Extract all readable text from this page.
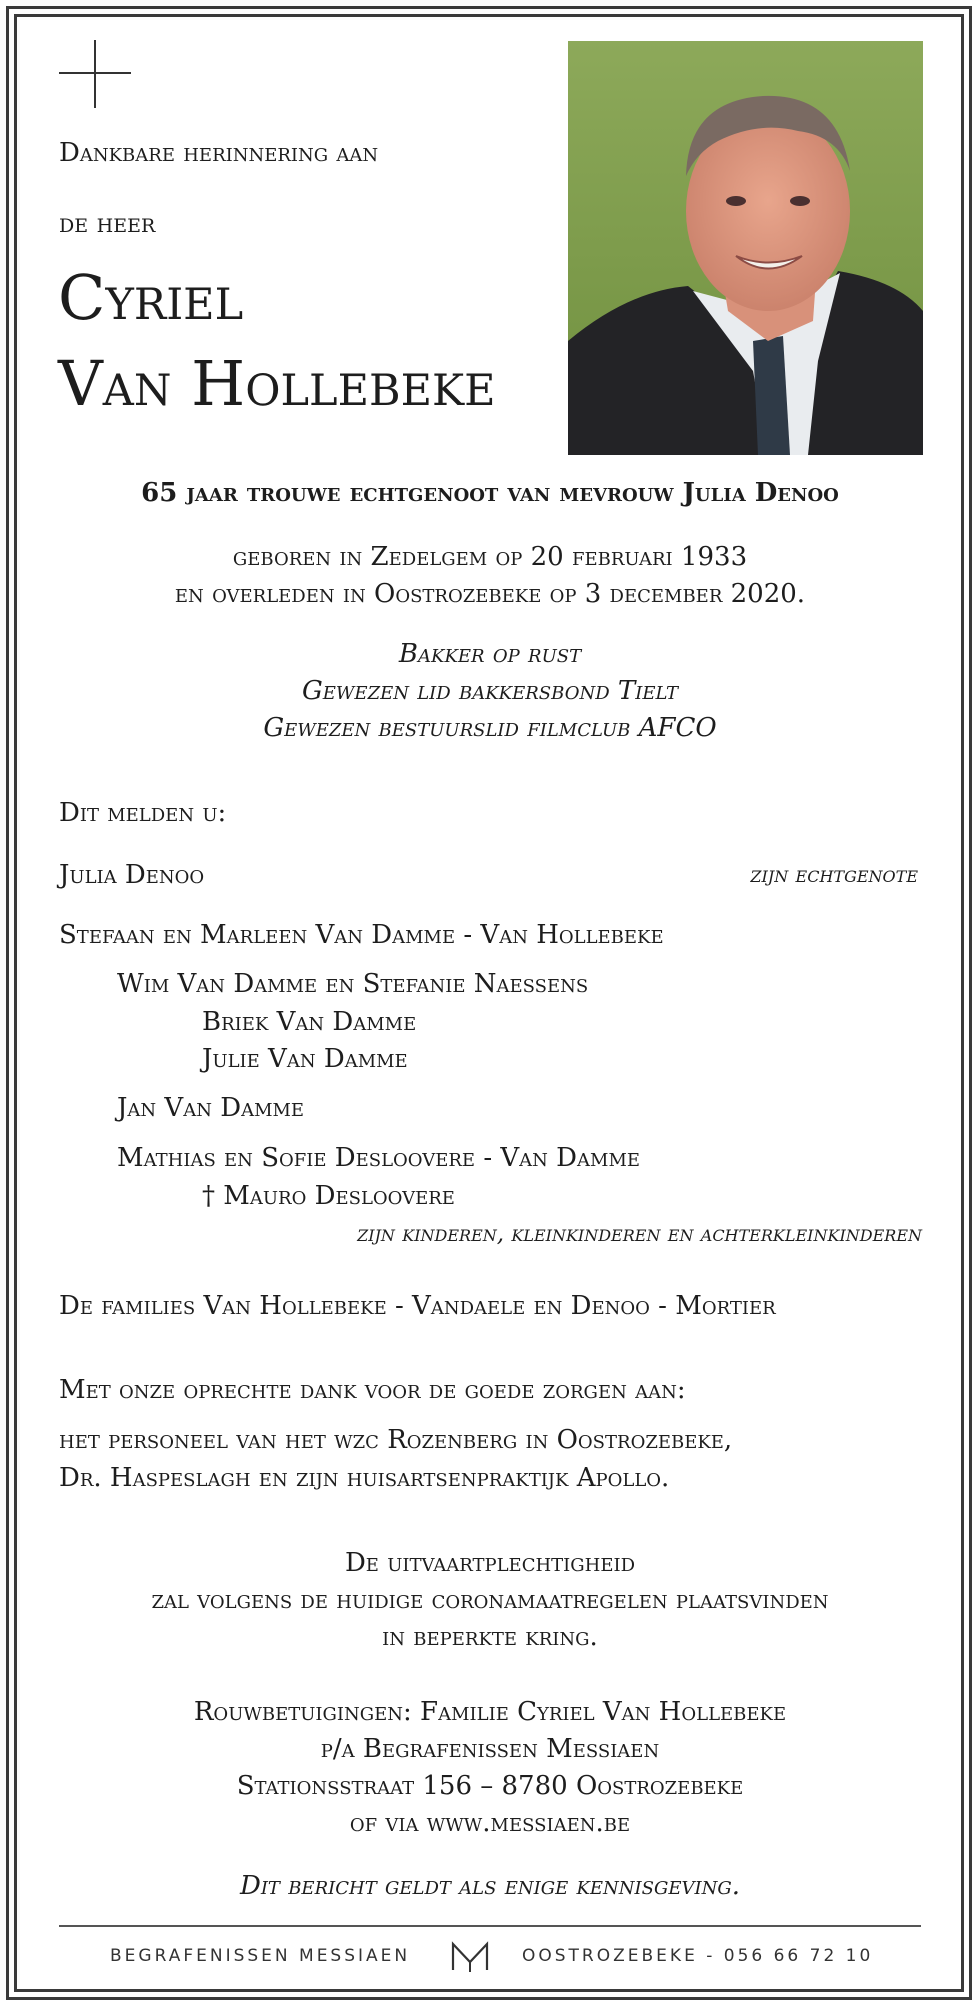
Dankbare herinnering aan
de heer
Cyriel
Van Hollebeke
65 jaar trouwe echtgenoot van mevrouw Julia Denoo
geboren in Zedelgem op 20 februari 1933
en overleden in Oostrozebeke op 3 december 2020.
Bakker op rust
Gewezen lid bakkersbond Tielt
Gewezen bestuurslid filmclub AFCO
Dit melden u:
Julia Denoo	zijn echtgenote
Stefaan en Marleen Van Damme - Van Hollebeke
Wim Van Damme en Stefanie Naessens
Briek Van Damme
Julie Van Damme
Jan Van Damme
Mathias en Sofie Desloovere - Van Damme
† Mauro Desloovere
zijn kinderen, kleinkinderen en achterkleinkinderen
De families Van Hollebeke - Vandaele en Denoo - Mortier
Met onze oprechte dank voor de goede zorgen aan:
het personeel van het wzc Rozenberg in Oostrozebeke,
Dr. Haspeslagh en zijn huisartsenpraktijk Apollo.
De uitvaartplechtigheid
zal volgens de huidige coronamaatregelen plaatsvinden
in beperkte kring.
Rouwbetuigingen: Familie Cyriel Van Hollebeke
p/a Begrafenissen Messiaen
Stationsstraat 156 – 8780 Oostrozebeke
of via www.messiaen.be
Dit bericht geldt als enige kennisgeving.
BEGRAFENISSEN MESSIAEN	OOSTROZEBEKE - 056 66 72 10
